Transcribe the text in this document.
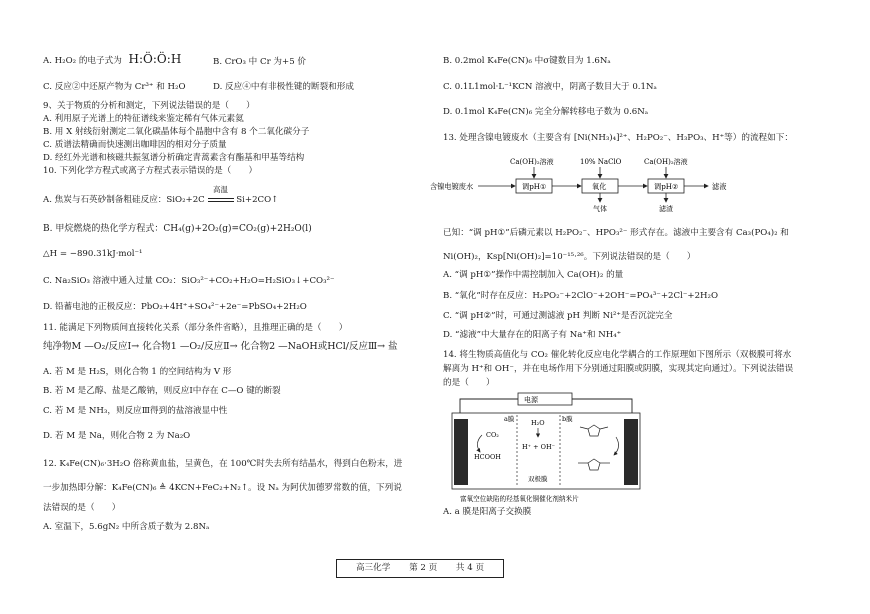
A. H₂O₂ 的电子式为 H:Ö:Ö:H	B. CrO₃ 中 Cr 为+5 价
C. 反应②中还原产物为 Cr³⁺ 和 H₂O	D. 反应④中有非极性键的断裂和形成
9、关于物质的分析和测定，下列说法错误的是（　　）
A. 利用原子光谱上的特征谱线来鉴定稀有气体元素氦
B. 用 X 射线衍射测定二氧化碳晶体每个晶胞中含有 8 个二氧化碳分子
C. 质谱法精确而快速测出咖啡因的相对分子质量
D. 经红外光谱和核磁共振氢谱分析确定青蒿素含有酯基和甲基等结构
10. 下列化学方程式或离子方程式表示错误的是（　　）
A. 焦炭与石英砂制备粗硅反应：SiO₂+2C
高温
Si+2CO↑
B. 甲烷燃烧的热化学方程式：CH₄(g)+2O₂(g)=CO₂(g)+2H₂O(l)
△H = −890.31kJ·mol⁻¹
C. Na₂SiO₃ 溶液中通入过量 CO₂：SiO₃²⁻+CO₂+H₂O=H₂SiO₃↓+CO₃²⁻
D. 铅蓄电池的正极反应：PbO₂+4H⁺+SO₄²⁻+2e⁻=PbSO₄+2H₂O
11. 能满足下列物质间直接转化关系（部分条件省略），且推理正确的是（　　）
纯净物M —O₂/反应Ⅰ→ 化合物1 —O₂/反应Ⅱ→ 化合物2 —NaOH或HCl/反应Ⅲ→ 盐
A. 若 M 是 H₂S，则化合物 1 的空间结构为 V 形
B. 若 M 是乙醇、盐是乙酸钠，则反应Ⅰ中存在 C—O 键的断裂
C. 若 M 是 NH₃，则反应Ⅲ得到的盐溶液显中性
D. 若 M 是 Na，则化合物 2 为 Na₂O
12. K₄Fe(CN)₆·3H₂O 俗称黄血盐，呈黄色，在 100℃时失去所有结晶水，得到白色粉末，进
一步加热即分解：K₄Fe(CN)₆ ≜ 4KCN+FeC₂+N₂↑。设 Nₐ 为阿伏加德罗常数的值，下列说
法错误的是（　　）
A. 室温下，5.6gN₂ 中所含质子数为 2.8Nₐ
B. 0.2mol K₄Fe(CN)₆ 中σ键数目为 1.6Nₐ
C. 0.1L1mol·L⁻¹KCN 溶液中，阴离子数目大于 0.1Nₐ
D. 0.1mol K₄Fe(CN)₆ 完全分解转移电子数为 0.6Nₐ
13. 处理含镍电镀废水（主要含有 [Ni(NH₃)₄]²⁺、H₂PO₂⁻、H₃PO₃、H⁺等）的流程如下：
Ca(OH)₂溶液	10% NaClO	Ca(OH)₂溶液
含镍电镀废水	调pH①	氧化	调pH②	滤液
气体	滤渣
已知：“调 pH①”后磷元素以 H₂PO₂⁻、HPO₃²⁻ 形式存在。滤液中主要含有 Ca₃(PO₄)₂ 和
Ni(OH)₂，Ksp[Ni(OH)₂]=10⁻¹⁵·²⁶。下列说法错误的是（　　）
A. “调 pH①”操作中需控制加入 Ca(OH)₂ 的量
B. “氧化”时存在反应：H₂PO₂⁻+2ClO⁻+2OH⁻=PO₄³⁻+2Cl⁻+2H₂O
C. “调 pH②”时，可通过测滤液 pH 判断 Ni²⁺是否沉淀完全
D. “滤液”中大量存在的阳离子有 Na⁺和 NH₄⁺
14. 将生物质高值化与 CO₂ 催化转化反应电化学耦合的工作原理如下图所示（双极膜可将水
解离为 H⁺和 OH⁻，并在电场作用下分别通过阳膜或阴膜，实现其定向通过）。下列说法错误
的是（　　）
电源
a膜	b膜
CO₂
HCOOH
H₂O
H⁺ + OH⁻
双极膜
富氧空位缺陷的羟基氧化铜催化剂纳米片
A. a 膜是阳离子交换膜
高三化学 第 2 页 共 4 页
